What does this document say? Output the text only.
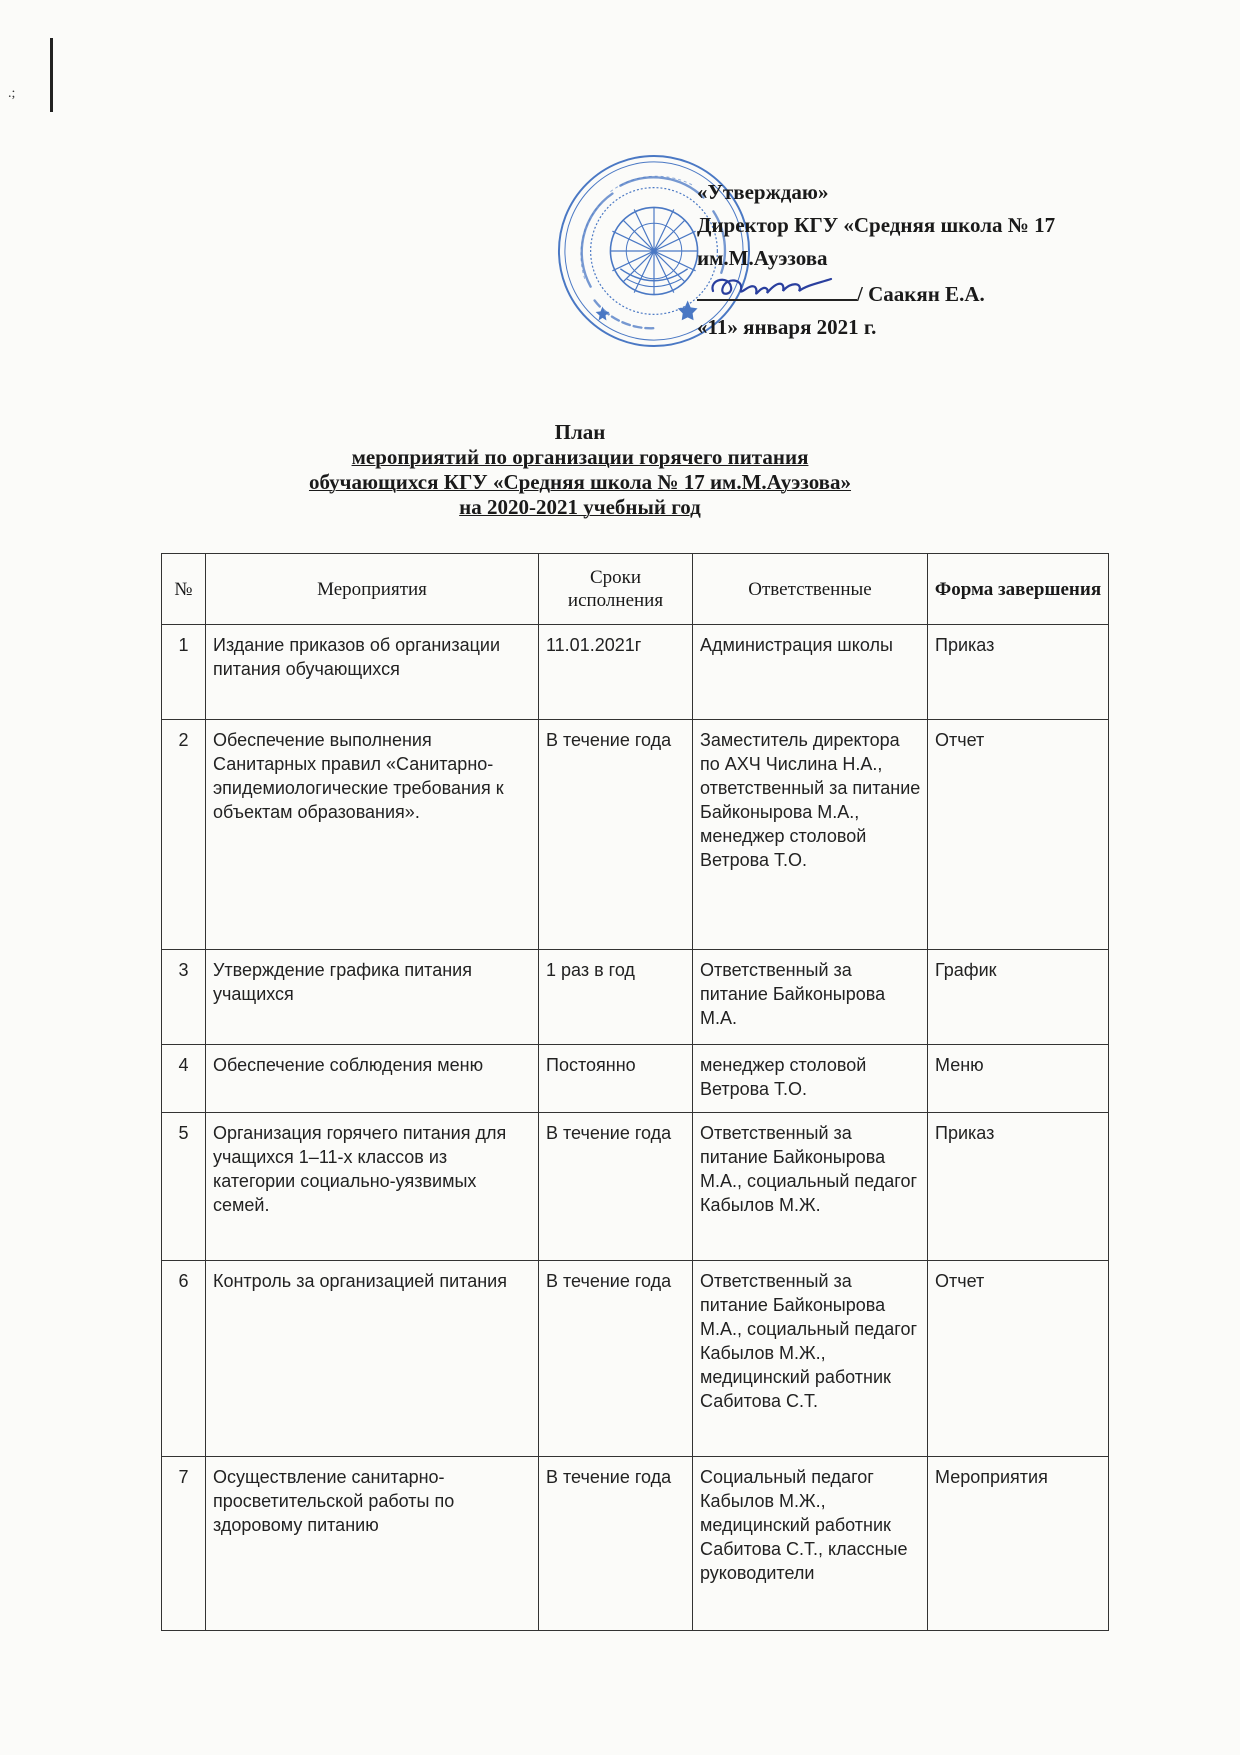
.;
«Утверждаю»
Директор КГУ «Средняя школа № 17
им.М.Ауэзова
/ Саакян Е.А.
«11» января 2021 г.
План
мероприятий по организации горячего питания
обучающихся КГУ «Средняя школа № 17 им.М.Ауэзова»
на 2020-2021 учебный год
№	Мероприятия	Сроки исполнения	Ответственные	Форма завершения
1	Издание приказов об организации питания обучающихся	11.01.2021г	Администрация школы	Приказ
2	Обеспечение выполнения Санитарных правил «Санитарно-эпидемиологические требования к объектам образования».	В течение года	Заместитель директора по АХЧ Числина Н.А., ответственный за питание Байконырова М.А., менеджер столовой Ветрова Т.О.	Отчет
3	Утверждение графика питания учащихся	1 раз в год	Ответственный за питание Байконырова М.А.	График
4	Обеспечение соблюдения меню	Постоянно	менеджер столовой Ветрова Т.О.	Меню
5	Организация горячего питания для учащихся 1–11-х классов из категории социально-уязвимых семей.	В течение года	Ответственный за питание Байконырова М.А., социальный педагог Кабылов М.Ж.	Приказ
6	Контроль за организацией питания	В течение года	Ответственный за питание Байконырова М.А., социальный педагог Кабылов М.Ж., медицинский работник Сабитова С.Т.	Отчет
7	Осуществление санитарно-просветительской работы по здоровому питанию	В течение года	Социальный педагог Кабылов М.Ж., медицинский работник Сабитова С.Т., классные руководители	Мероприятия
